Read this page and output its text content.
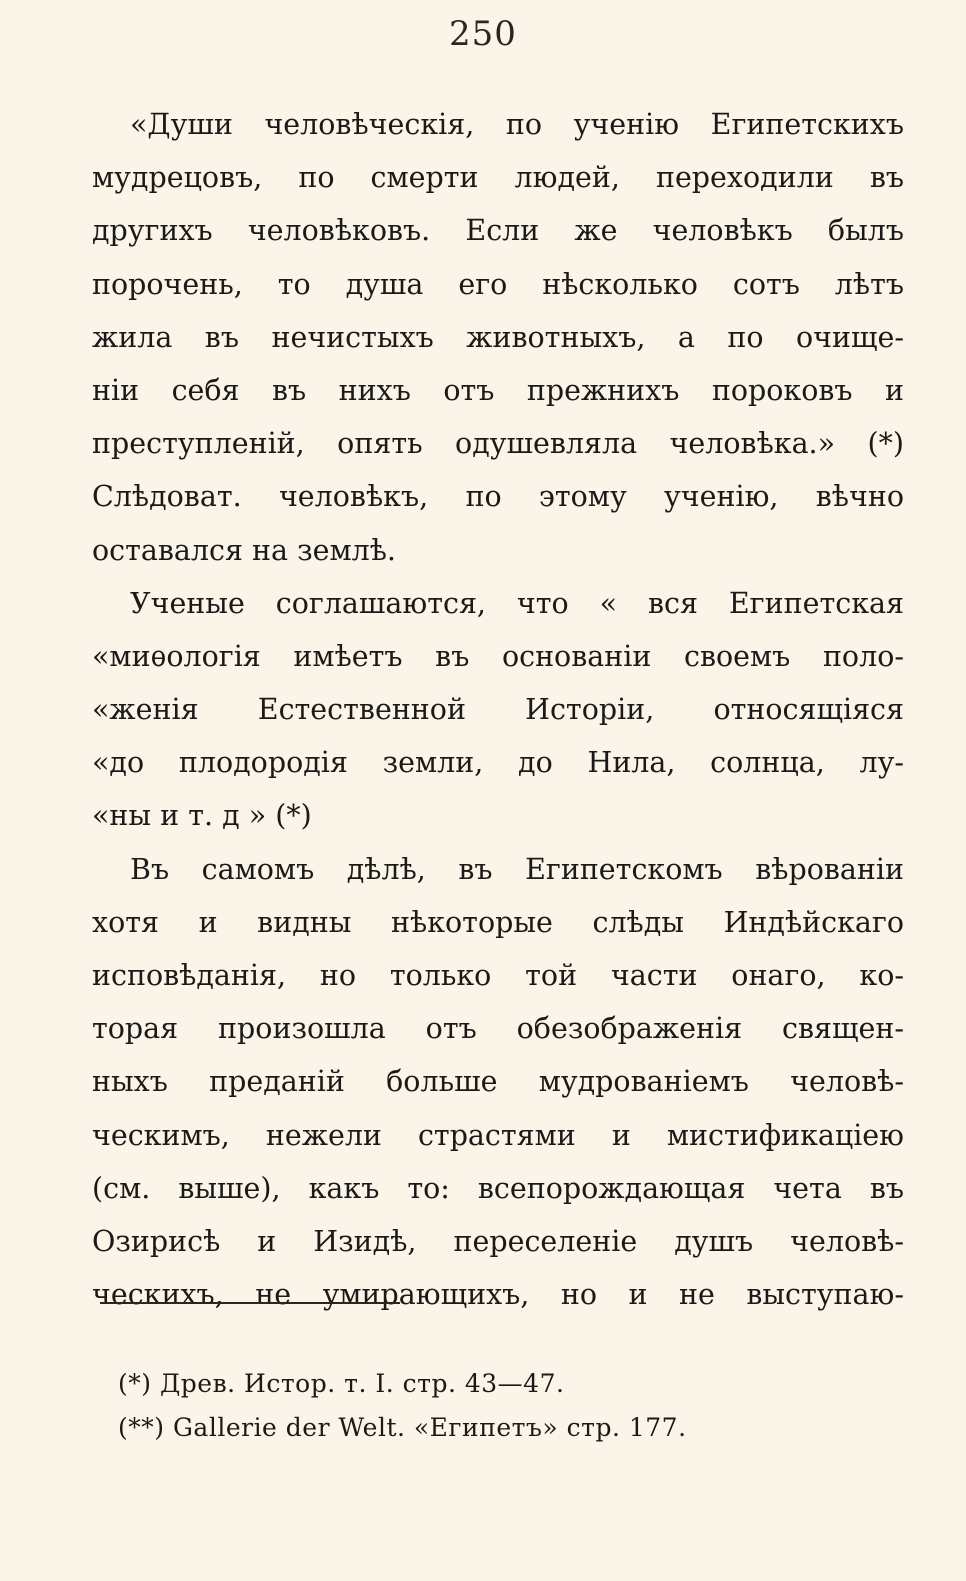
250
«Души человѣческія, по ученію Египетскихъ
мудрецовъ, по смерти людей, переходили въ
другихъ человѣковъ. Если же человѣкъ былъ
порочень, то душа его нѣсколько сотъ лѣтъ
жила въ нечистыхъ животныхъ, а по очище-
ніи себя въ нихъ отъ прежнихъ пороковъ и
преступленій, опять одушевляла человѣка.» (*)
Слѣдоват. человѣкъ, по этому ученію, вѣчно
оставался на землѣ.
Ученые соглашаются, что « вся Египетская
«миѳологія имѣетъ въ основаніи своемъ поло-
«женія Естественной Исторіи, относящіяся
«до плодородія земли, до Нила, солнца, лу-
«ны и т. д » (*)
Въ самомъ дѣлѣ, въ Египетскомъ вѣрованіи
хотя и видны нѣкоторые слѣды Индѣйскаго
исповѣданія, но только той части онаго, ко-
торая произошла отъ обезображенія священ-
ныхъ преданій больше мудрованіемъ человѣ-
ческимъ, нежели страстями и мистификаціею
(см. выше), какъ то: всепорождающая чета въ
Озирисѣ и Изидѣ, переселеніе душъ человѣ-
ческихъ, не умирающихъ, но и не выступаю-
(*) Древ. Истор. т. I. стр. 43—47.
(**) Gallerie der Welt. «Египетъ» стр. 177.
